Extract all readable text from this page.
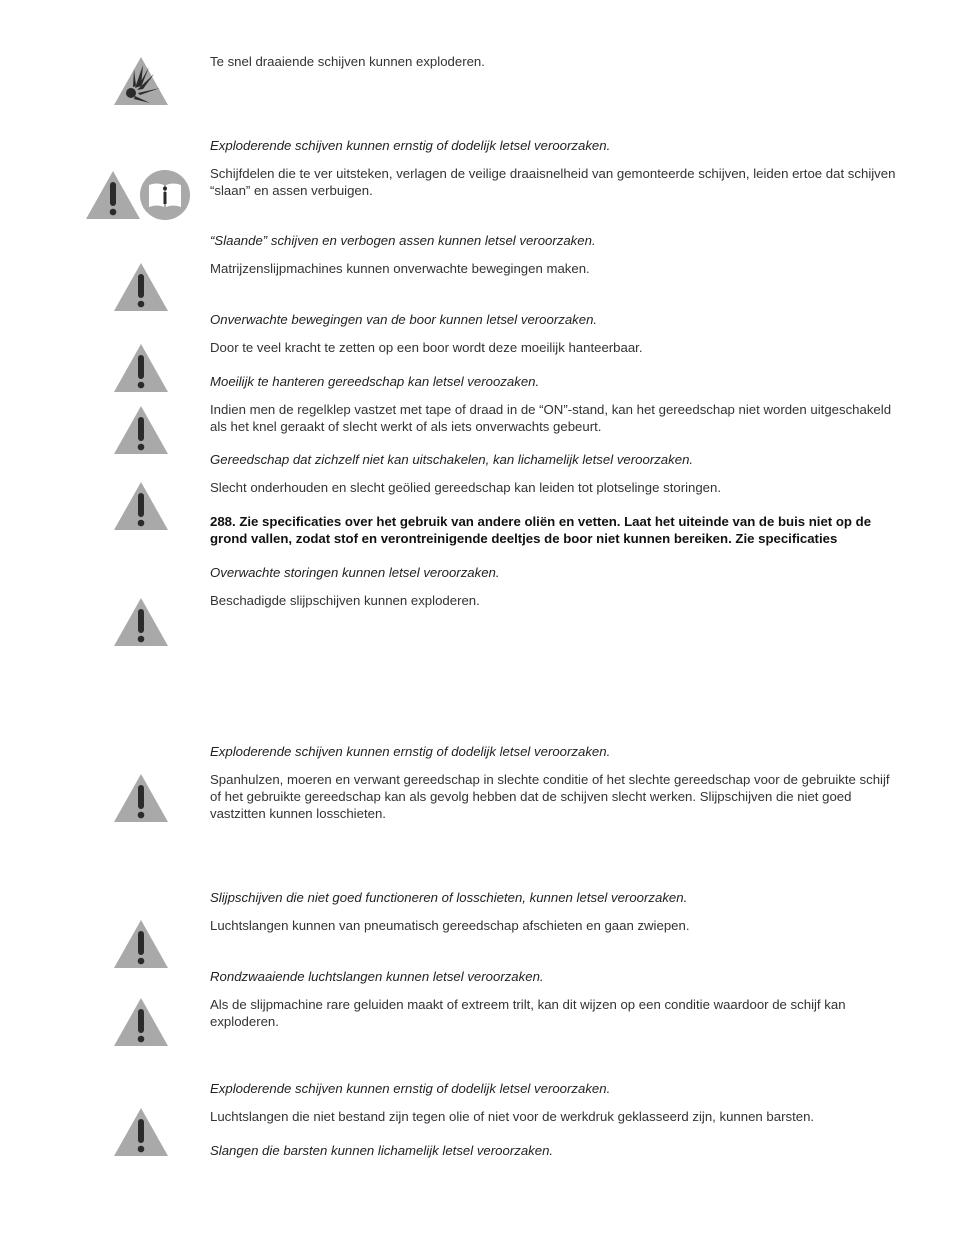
Te snel draaiende schijven kunnen exploderen.

Exploderende schijven kunnen ernstig of dodelijk letsel veroorzaken.

Schijfdelen die te ver uitsteken, verlagen de veilige draaisnelheid van gemonteerde schijven, leiden ertoe dat schijven “slaan” en assen verbuigen.

“Slaande” schijven en verbogen assen kunnen letsel veroorzaken.

Matrijzenslijpmachines kunnen onverwachte bewegingen maken.

Onverwachte bewegingen van de boor kunnen letsel veroorzaken.

Door te veel kracht te zetten op een boor wordt deze moeilijk hanteerbaar.

Moeilijk te hanteren gereedschap kan letsel veroozaken.

Indien men de regelklep vastzet met tape of draad in de “ON”-stand, kan het gereedschap niet worden uitgeschakeld als het knel geraakt of slecht werkt of als iets onverwachts gebeurt.

Gereedschap dat zichzelf niet kan uitschakelen, kan lichamelijk letsel veroorzaken.

Slecht onderhouden en slecht geölied gereedschap kan leiden tot plotselinge storingen.

288. Zie specificaties over het gebruik van andere oliën en vetten. Laat het uiteinde van de buis niet op de grond vallen, zodat stof en verontreinigende deeltjes de boor niet kunnen bereiken. Zie specificaties

Overwachte storingen kunnen letsel veroorzaken.

Beschadigde slijpschijven kunnen exploderen.

Exploderende schijven kunnen ernstig of dodelijk letsel veroorzaken.

Spanhulzen, moeren en verwant gereedschap in slechte conditie of het slechte gereedschap voor de gebruikte schijf of het gebruikte gereedschap kan als gevolg hebben dat de schijven slecht werken. Slijpschijven die niet goed vastzitten kunnen losschieten.

Slijpschijven die niet goed functioneren of losschieten, kunnen letsel veroorzaken.

Luchtslangen kunnen van pneumatisch gereedschap afschieten en gaan zwiepen.

Rondzwaaiende luchtslangen kunnen letsel veroorzaken.

Als de slijpmachine rare geluiden maakt of extreem trilt, kan dit wijzen op een conditie waardoor de schijf kan exploderen.

Exploderende schijven kunnen ernstig of dodelijk letsel veroorzaken.

Luchtslangen die niet bestand zijn tegen olie of niet voor de werkdruk geklasseerd zijn, kunnen barsten.

Slangen die barsten kunnen lichamelijk letsel veroorzaken.
